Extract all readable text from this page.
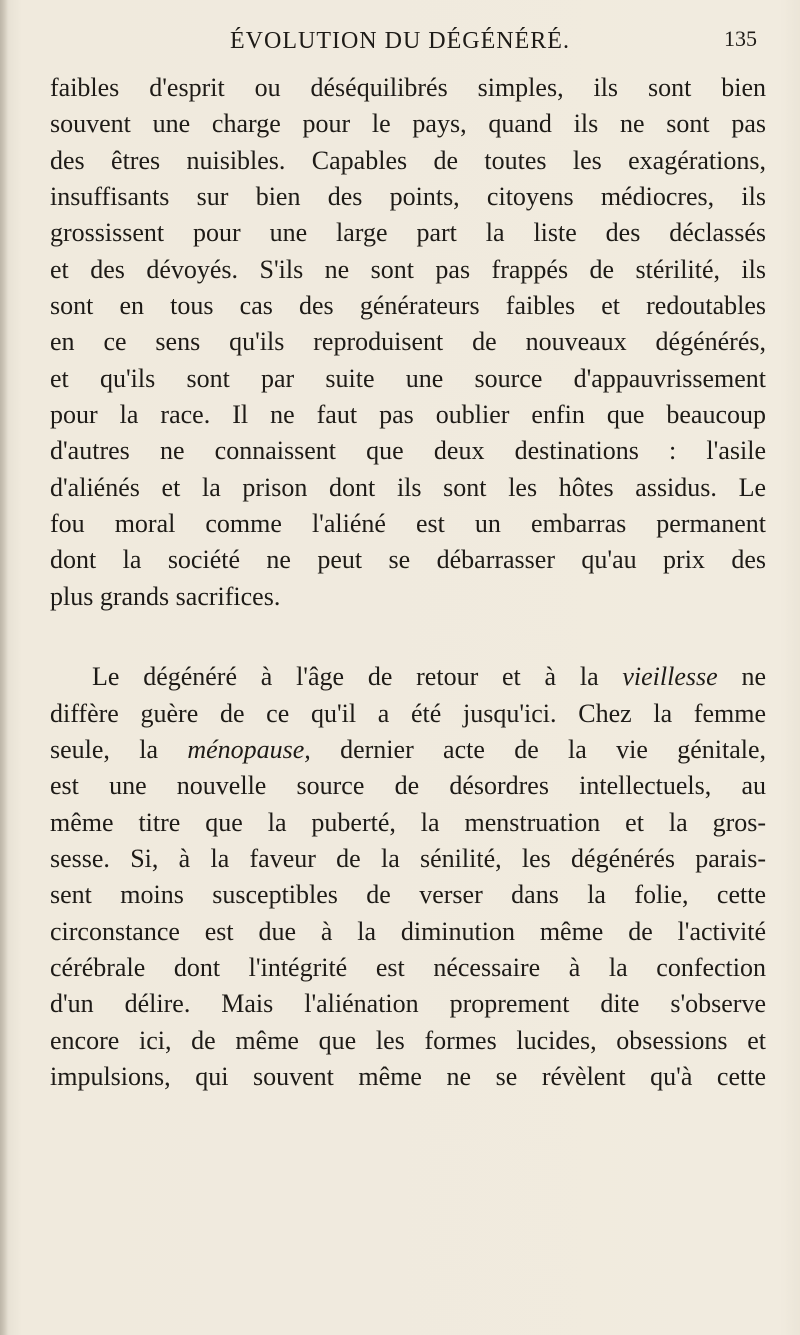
ÉVOLUTION DU DÉGÉNÉRÉ.	135
faibles d'esprit ou déséquilibrés simples, ils sont bien
souvent une charge pour le pays, quand ils ne sont pas
des êtres nuisibles. Capables de toutes les exagérations,
insuffisants sur bien des points, citoyens médiocres, ils
grossissent pour une large part la liste des déclassés
et des dévoyés. S'ils ne sont pas frappés de stérilité, ils
sont en tous cas des générateurs faibles et redoutables
en ce sens qu'ils reproduisent de nouveaux dégénérés,
et qu'ils sont par suite une source d'appauvrissement
pour la race. Il ne faut pas oublier enfin que beaucoup
d'autres ne connaissent que deux destinations : l'asile
d'aliénés et la prison dont ils sont les hôtes assidus. Le
fou moral comme l'aliéné est un embarras permanent
dont la société ne peut se débarrasser qu'au prix des
plus grands sacrifices.
Le dégénéré à l'âge de retour et à la vieillesse ne
diffère guère de ce qu'il a été jusqu'ici. Chez la femme
seule, la ménopause, dernier acte de la vie génitale,
est une nouvelle source de désordres intellectuels, au
même titre que la puberté, la menstruation et la gros-
sesse. Si, à la faveur de la sénilité, les dégénérés parais-
sent moins susceptibles de verser dans la folie, cette
circonstance est due à la diminution même de l'activité
cérébrale dont l'intégrité est nécessaire à la confection
d'un délire. Mais l'aliénation proprement dite s'observe
encore ici, de même que les formes lucides, obsessions et
impulsions, qui souvent même ne se révèlent qu'à cette
